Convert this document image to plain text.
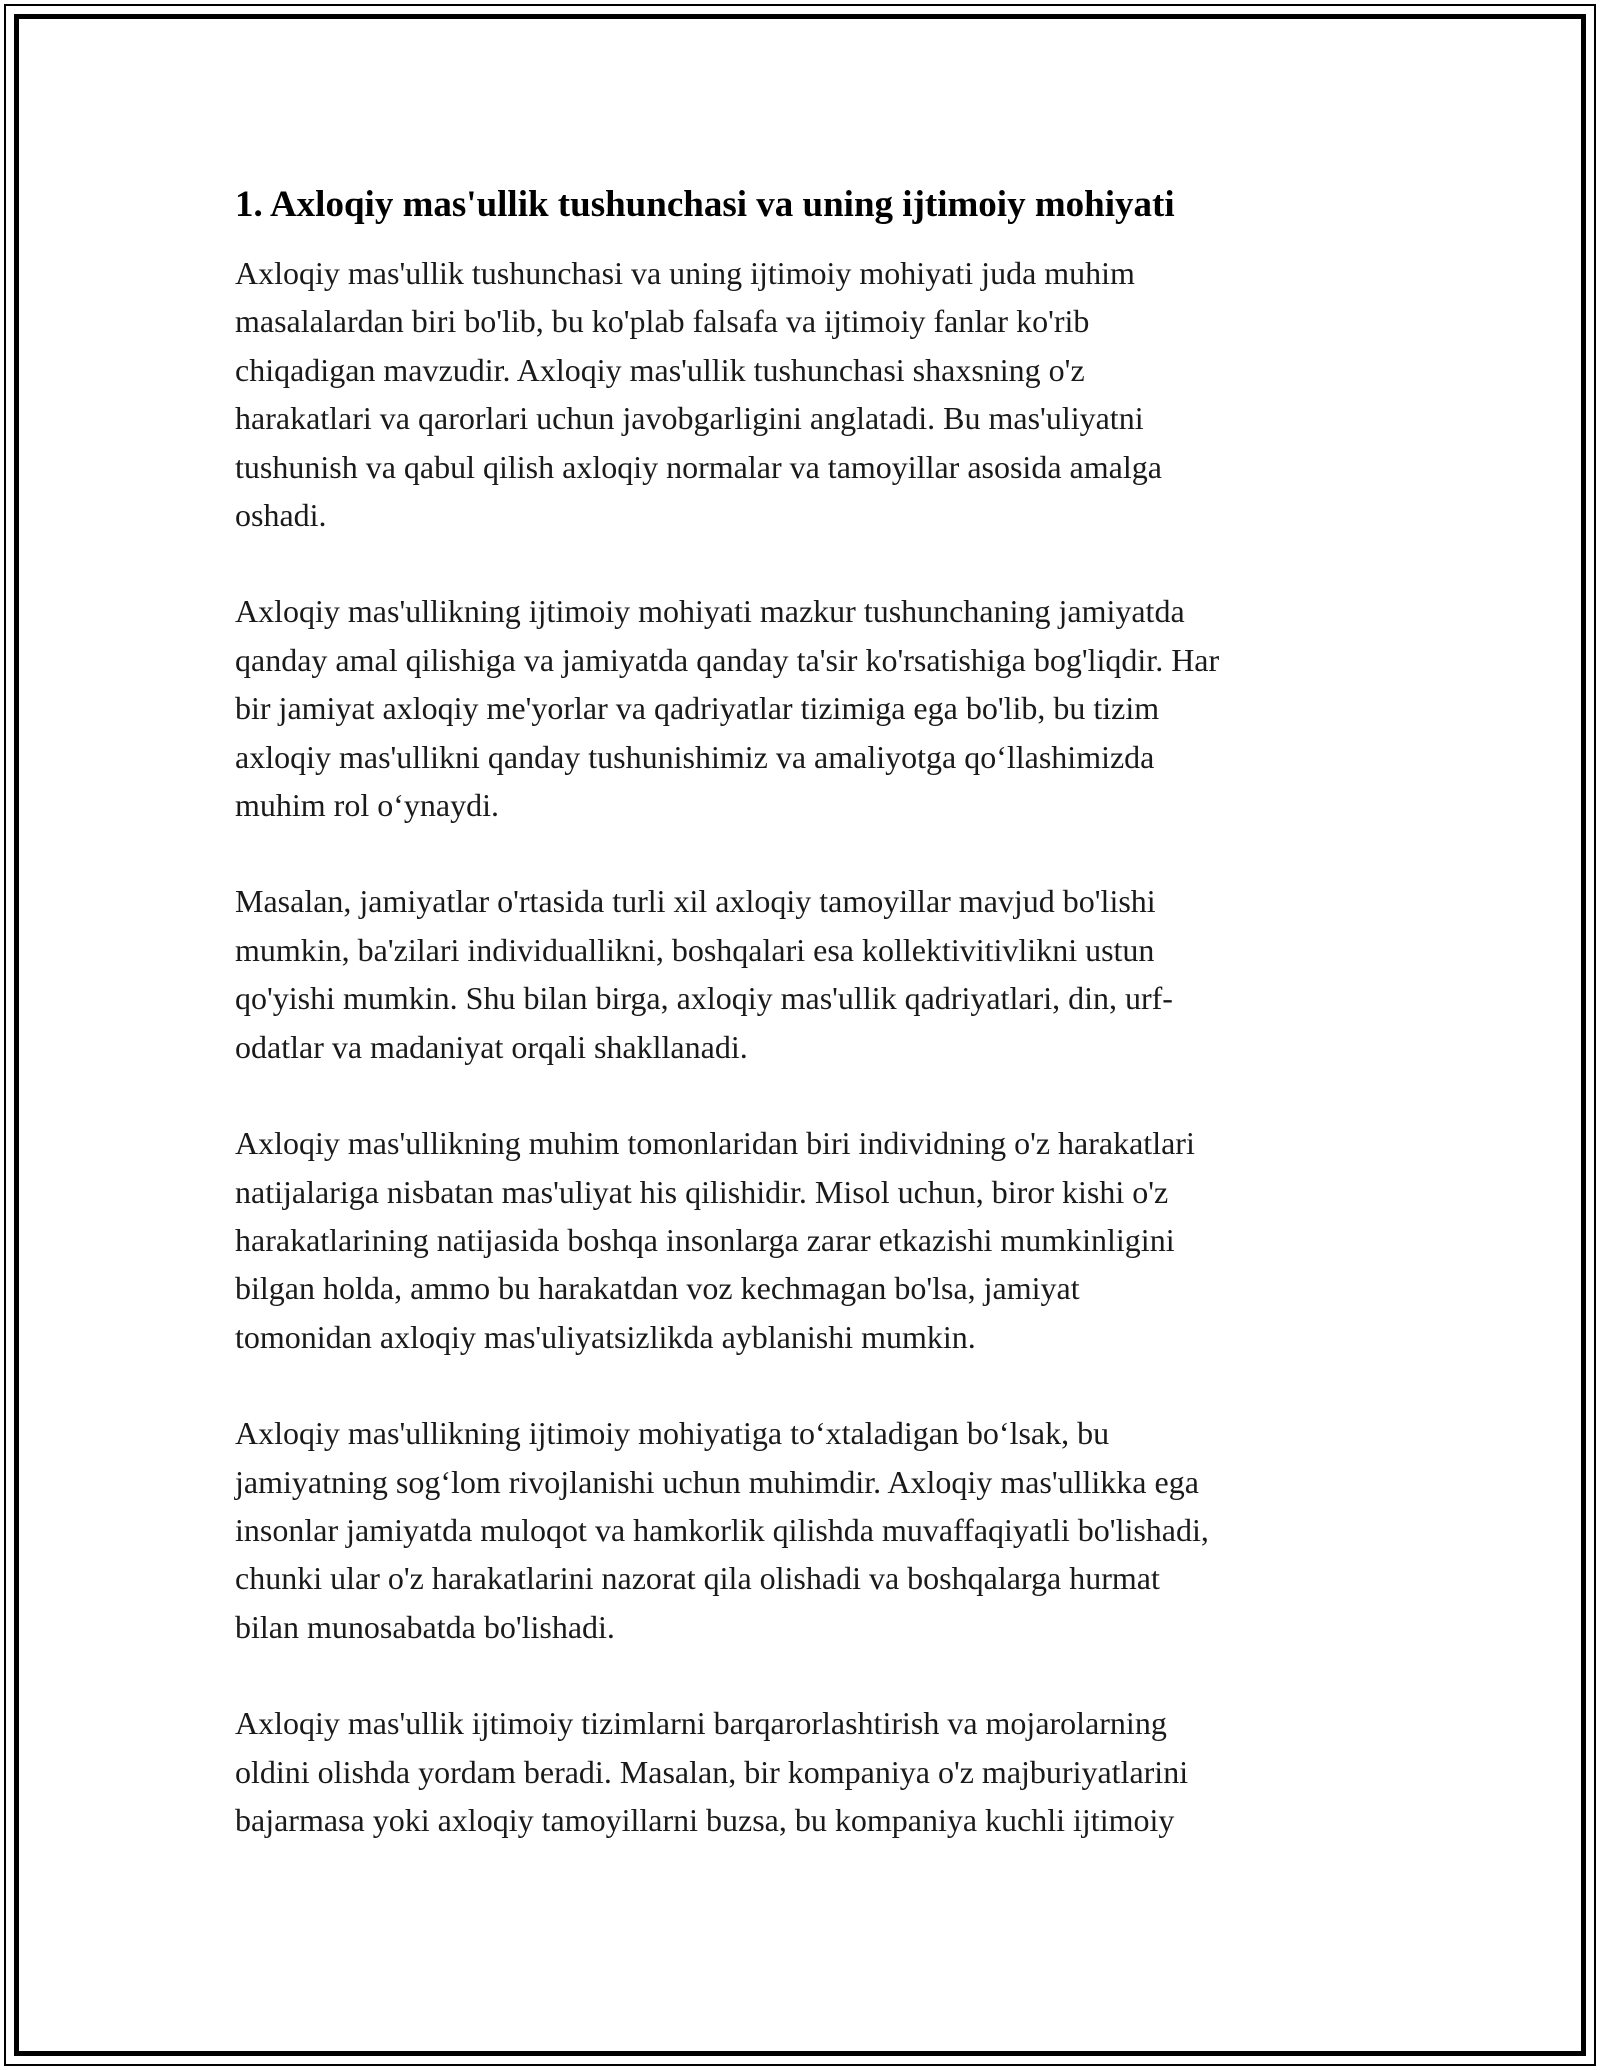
1. Axloqiy mas'ullik tushunchasi va uning ijtimoiy mohiyati

Axloqiy mas'ullik tushunchasi va uning ijtimoiy mohiyati juda muhim
masalalardan biri bo'lib, bu ko'plab falsafa va ijtimoiy fanlar ko'rib
chiqadigan mavzudir. Axloqiy mas'ullik tushunchasi shaxsning o'z
harakatlari va qarorlari uchun javobgarligini anglatadi. Bu mas'uliyatni
tushunish va qabul qilish axloqiy normalar va tamoyillar asosida amalga
oshadi.

Axloqiy mas'ullikning ijtimoiy mohiyati mazkur tushunchaning jamiyatda
qanday amal qilishiga va jamiyatda qanday ta'sir ko'rsatishiga bog'liqdir. Har
bir jamiyat axloqiy me'yorlar va qadriyatlar tizimiga ega bo'lib, bu tizim
axloqiy mas'ullikni qanday tushunishimiz va amaliyotga qo‘llashimizda
muhim rol o‘ynaydi.

Masalan, jamiyatlar o'rtasida turli xil axloqiy tamoyillar mavjud bo'lishi
mumkin, ba'zilari individuallikni, boshqalari esa kollektivitivlikni ustun
qo'yishi mumkin. Shu bilan birga, axloqiy mas'ullik qadriyatlari, din, urf-
odatlar va madaniyat orqali shakllanadi.

Axloqiy mas'ullikning muhim tomonlaridan biri individning o'z harakatlari
natijalariga nisbatan mas'uliyat his qilishidir. Misol uchun, biror kishi o'z
harakatlarining natijasida boshqa insonlarga zarar etkazishi mumkinligini
bilgan holda, ammo bu harakatdan voz kechmagan bo'lsa, jamiyat
tomonidan axloqiy mas'uliyatsizlikda ayblanishi mumkin.

Axloqiy mas'ullikning ijtimoiy mohiyatiga to‘xtaladigan bo‘lsak, bu
jamiyatning sog‘lom rivojlanishi uchun muhimdir. Axloqiy mas'ullikka ega
insonlar jamiyatda muloqot va hamkorlik qilishda muvaffaqiyatli bo'lishadi,
chunki ular o'z harakatlarini nazorat qila olishadi va boshqalarga hurmat
bilan munosabatda bo'lishadi.

Axloqiy mas'ullik ijtimoiy tizimlarni barqarorlashtirish va mojarolarning
oldini olishda yordam beradi. Masalan, bir kompaniya o'z majburiyatlarini
bajarmasa yoki axloqiy tamoyillarni buzsa, bu kompaniya kuchli ijtimoiy
